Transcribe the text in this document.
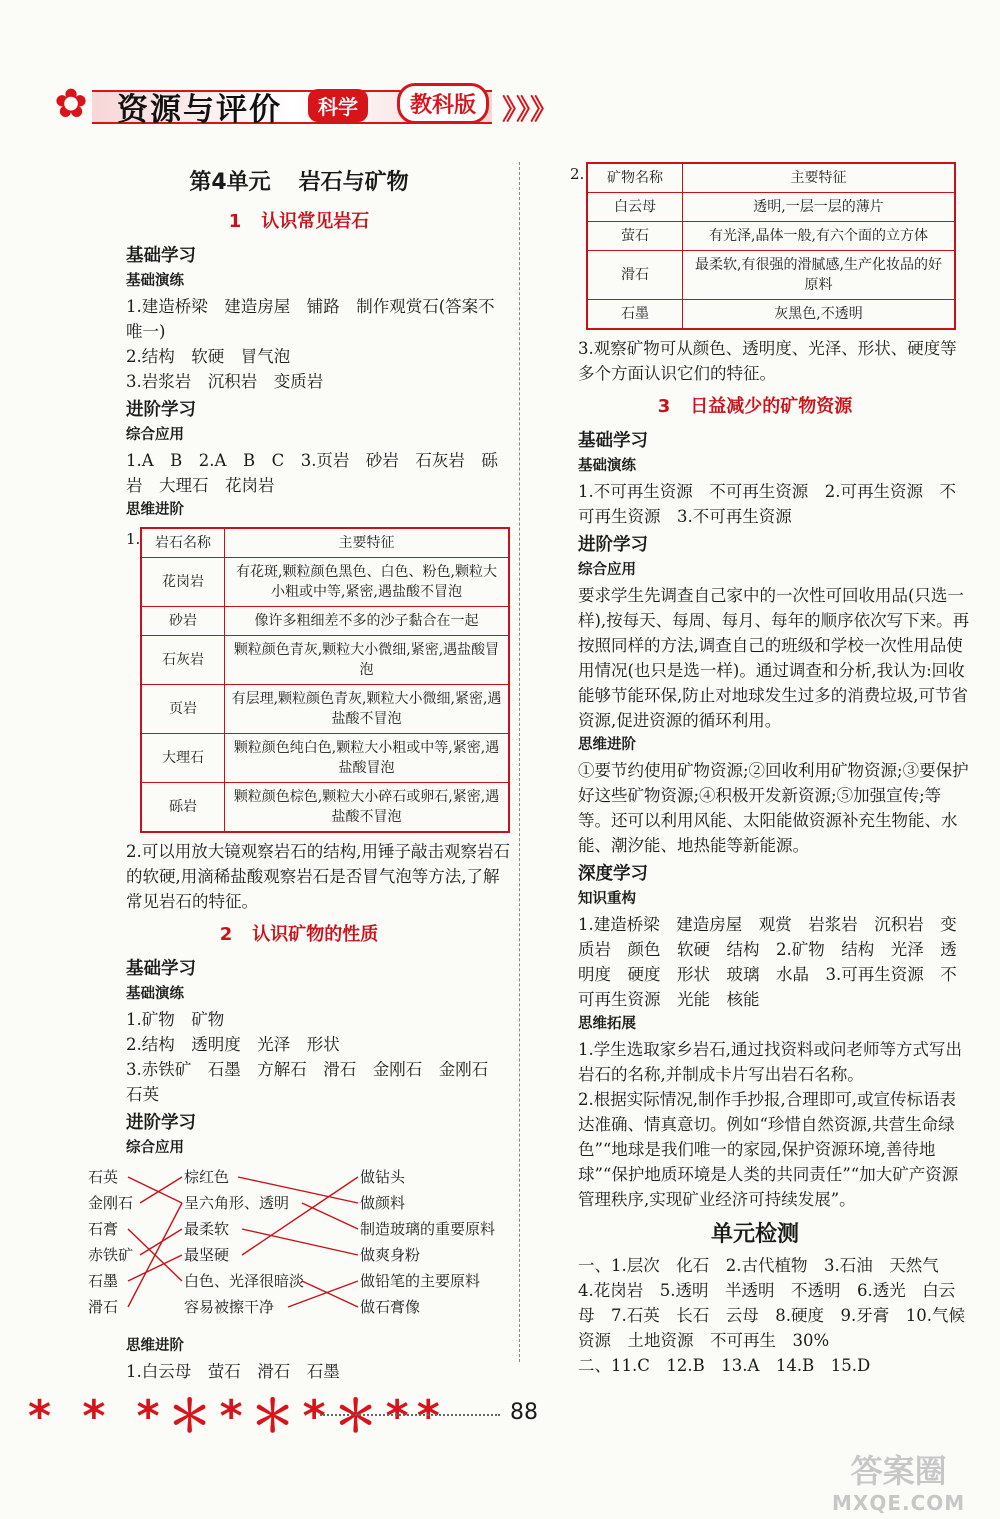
✿ 资源与评价	科学	教科版 》》》
第4单元 岩石与矿物
1 认识常见岩石
基础学习
基础演练
1.建造桥梁　建造房屋　铺路　制作观赏石(答案不唯一)
2.结构　软硬　冒气泡
3.岩浆岩　沉积岩　变质岩
进阶学习
综合应用
1.A　B　2.A　B　C　3.页岩　砂岩　石灰岩　砾岩　大理石　花岗岩
思维进阶
1. 岩石名称	主要特征
花岗岩	有花斑,颗粒颜色黑色、白色、粉色,颗粒大小粗或中等,紧密,遇盐酸不冒泡
砂岩	像许多粗细差不多的沙子黏合在一起
石灰岩	颗粒颜色青灰,颗粒大小微细,紧密,遇盐酸冒泡
页岩	有层理,颗粒颜色青灰,颗粒大小微细,紧密,遇盐酸不冒泡
大理石	颗粒颜色纯白色,颗粒大小粗或中等,紧密,遇盐酸冒泡
砾岩	颗粒颜色棕色,颗粒大小碎石或卵石,紧密,遇盐酸不冒泡
2.可以用放大镜观察岩石的结构,用锤子敲击观察岩石的软硬,用滴稀盐酸观察岩石是否冒气泡等方法,了解常见岩石的特征。
2 认识矿物的性质
基础学习
基础演练
1.矿物　矿物
2.结构　透明度　光泽　形状
3.赤铁矿　石墨　方解石　滑石　金刚石　金刚石　石英
进阶学习
综合应用
石英
金刚石
石膏
赤铁矿
石墨
滑石
棕红色
呈六角形、透明
最柔软
最坚硬
白色、光泽很暗淡
容易被擦干净
做钻头
做颜料
制造玻璃的重要原料
做爽身粉
做铅笔的主要原料
做石膏像
思维进阶
1.白云母　萤石　滑石　石墨
2. 矿物名称	主要特征
白云母	透明,一层一层的薄片
萤石	有光泽,晶体一般,有六个面的立方体
滑石	最柔软,有很强的滑腻感,生产化妆品的好原料
石墨	灰黑色,不透明
3.观察矿物可从颜色、透明度、光泽、形状、硬度等多个方面认识它们的特征。
3 日益减少的矿物资源
基础学习
基础演练
1.不可再生资源　不可再生资源　2.可再生资源　不可再生资源　3.不可再生资源
进阶学习
综合应用
要求学生先调查自己家中的一次性可回收用品(只选一样),按每天、每周、每月、每年的顺序依次写下来。再按照同样的方法,调查自己的班级和学校一次性用品使用情况(也只是选一样)。通过调查和分析,我认为:回收能够节能环保,防止对地球发生过多的消费垃圾,可节省资源,促进资源的循环利用。
思维进阶
①要节约使用矿物资源;②回收利用矿物资源;③要保护好这些矿物资源;④积极开发新资源;⑤加强宣传;等等。还可以利用风能、太阳能做资源补充生物能、水能、潮汐能、地热能等新能源。
深度学习
知识重构
1.建造桥梁　建造房屋　观赏　岩浆岩　沉积岩　变质岩　颜色　软硬　结构　2.矿物　结构　光泽　透明度　硬度　形状　玻璃　水晶　3.可再生资源　不可再生资源　光能　核能
思维拓展
1.学生选取家乡岩石,通过找资料或问老师等方式写出岩石的名称,并制成卡片写出岩石名称。
2.根据实际情况,制作手抄报,合理即可,或宣传标语表达准确、情真意切。例如“珍惜自然资源,共营生命绿色”“地球是我们唯一的家园,保护资源环境,善待地球”“保护地质环境是人类的共同责任”“加大矿产资源管理秩序,实现矿业经济可持续发展”。
单元检测
一、1.层次　化石　2.古代植物　3.石油　天然气　4.花岗岩　5.透明　半透明　不透明　6.透光　白云母　7.石英　长石　云母　8.硬度　9.牙膏　10.气候资源　土地资源　不可再生　30%
二、11.C　12.B　13.A　14.B　15.D
* * *＊*＊*＊**	88
答案圈
MXQE.COM
